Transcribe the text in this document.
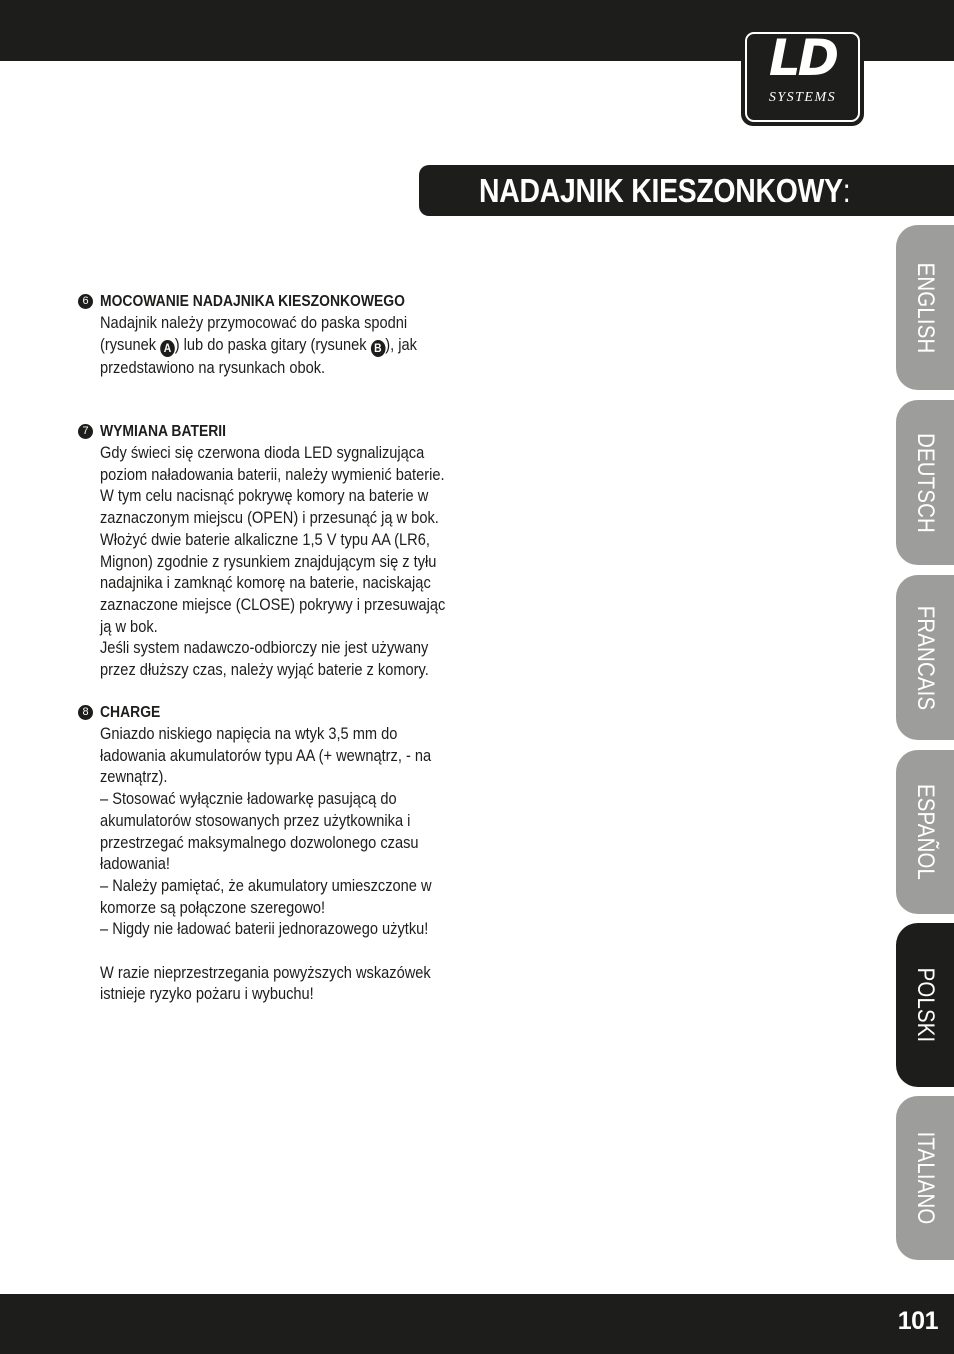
LD
SYSTEMS
NADAJNIK KIESZONKOWY:
ENGLISH
DEUTSCH
FRANCAIS
ESPAÑOL
POLSKI
ITALIANO
6 MOCOWANIE NADAJNIKA KIESZONKOWEGO
Nadajnik należy przymocować do paska spodni
(rysunek A ) lub do paska gitary (rysunek B ), jak
przedstawiono na rysunkach obok.
7 WYMIANA BATERII
Gdy świeci się czerwona dioda LED sygnalizująca
poziom naładowania baterii, należy wymienić baterie.
W tym celu nacisnąć pokrywę komory na baterie w
zaznaczonym miejscu (OPEN) i przesunąć ją w bok.
Włożyć dwie baterie alkaliczne 1,5 V typu AA (LR6,
Mignon) zgodnie z rysunkiem znajdującym się z tyłu
nadajnika i zamknąć komorę na baterie, naciskając
zaznaczone miejsce (CLOSE) pokrywy i przesuwając
ją w bok.
Jeśli system nadawczo-odbiorczy nie jest używany
przez dłuższy czas, należy wyjąć baterie z komory.
8 CHARGE
Gniazdo niskiego napięcia na wtyk 3,5 mm do
ładowania akumulatorów typu AA (+ wewnątrz, - na
zewnątrz).
– Stosować wyłącznie ładowarkę pasującą do
akumulatorów stosowanych przez użytkownika i
przestrzegać maksymalnego dozwolonego czasu
ładowania!
– Należy pamiętać, że akumulatory umieszczone w
komorze są połączone szeregowo!
– Nigdy nie ładować baterii jednorazowego użytku!
W razie nieprzestrzegania powyższych wskazówek
istnieje ryzyko pożaru i wybuchu!
101
